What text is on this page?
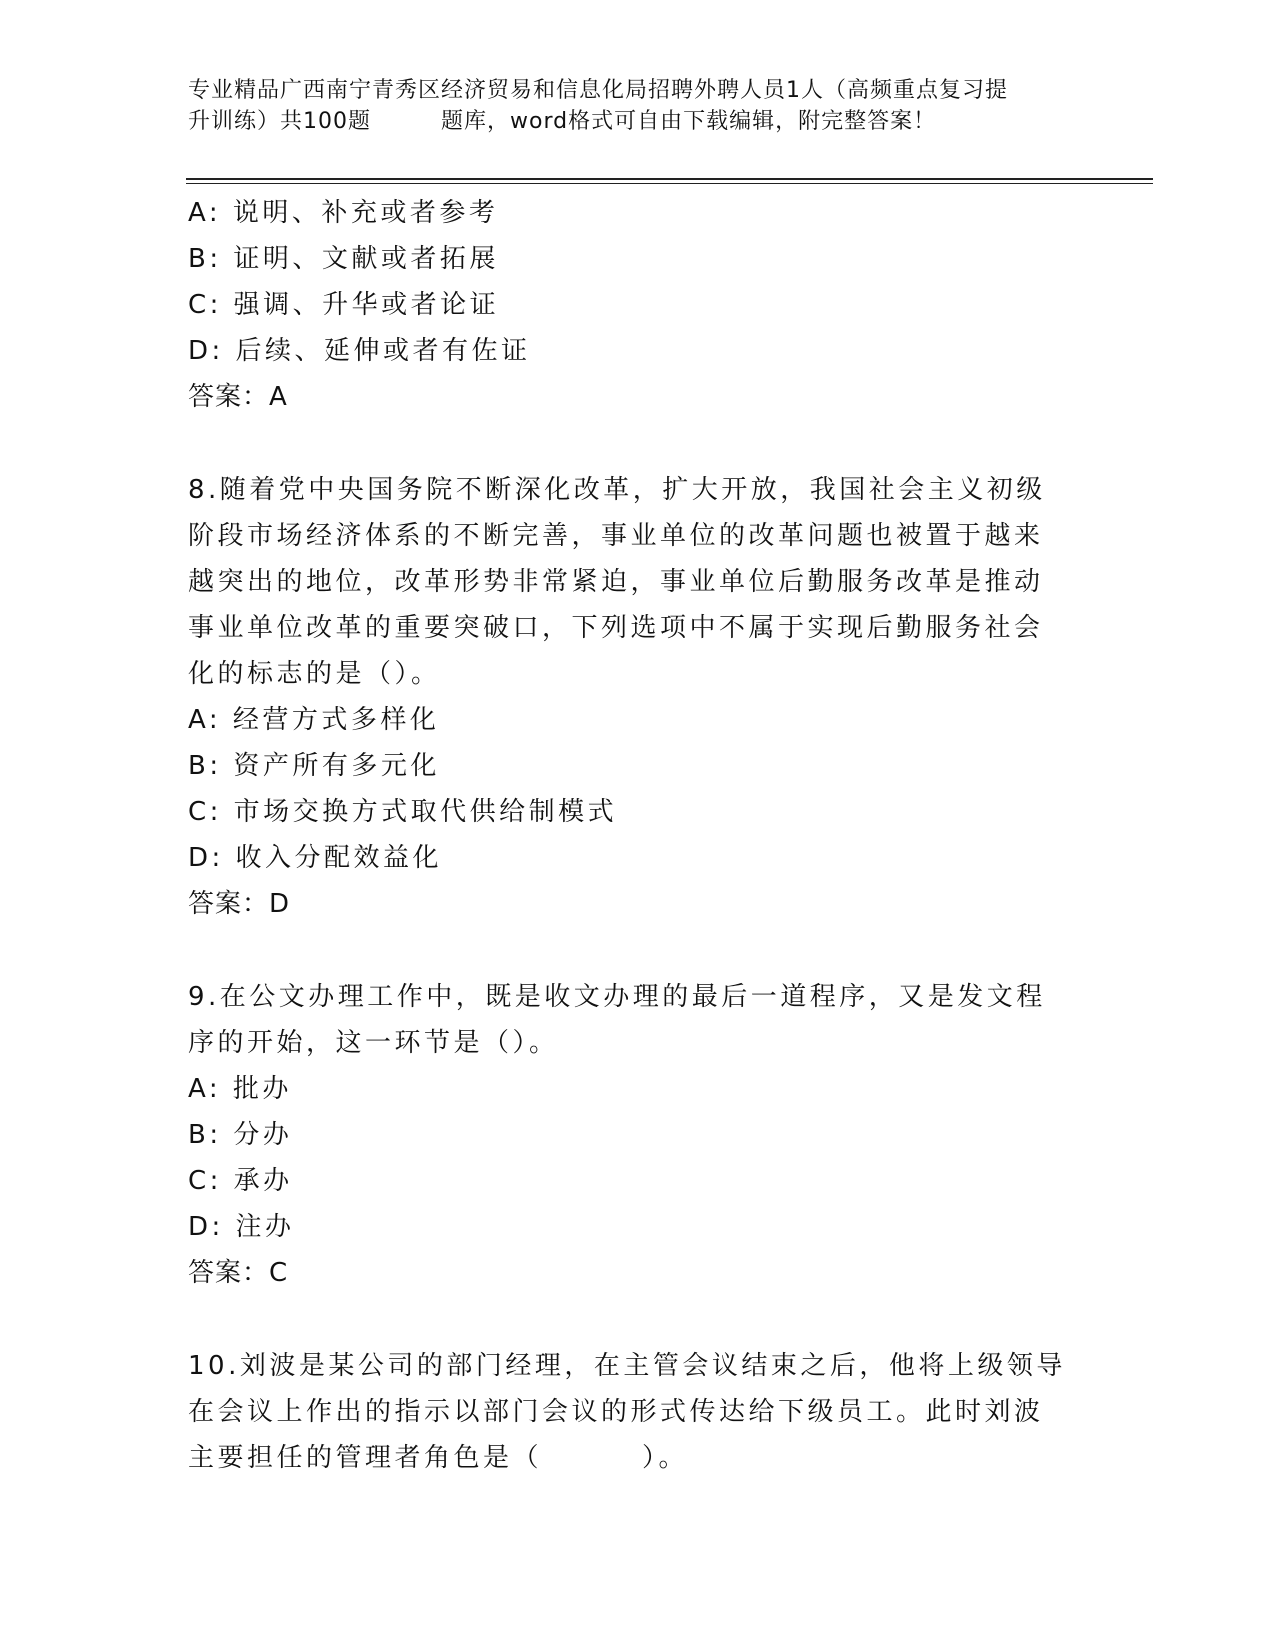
专业精品广西南宁青秀区经济贸易和信息化局招聘外聘人员1人（高频重点复习提
升训练）共100题	题库，word格式可自由下载编辑，附完整答案！
A: 说明、补充或者参考
B: 证明、文献或者拓展
C: 强调、升华或者论证
D: 后续、延伸或者有佐证
答案：A
8.随着党中央国务院不断深化改革，扩大开放，我国社会主义初级阶段市场经济体系的不断完善，事业单位的改革问题也被置于越来越突出的地位，改革形势非常紧迫，事业单位后勤服务改革是推动事业单位改革的重要突破口，下列选项中不属于实现后勤服务社会化的标志的是（）。
A: 经营方式多样化
B: 资产所有多元化
C: 市场交换方式取代供给制模式
D: 收入分配效益化
答案：D
9.在公文办理工作中，既是收文办理的最后一道程序，又是发文程序的开始，这一环节是（）。
A: 批办
B: 分办
C: 承办
D: 注办
答案：C
10.刘波是某公司的部门经理，在主管会议结束之后，他将上级领导在会议上作出的指示以部门会议的形式传达给下级员工。此时刘波主要担任的管理者角色是（	）。
